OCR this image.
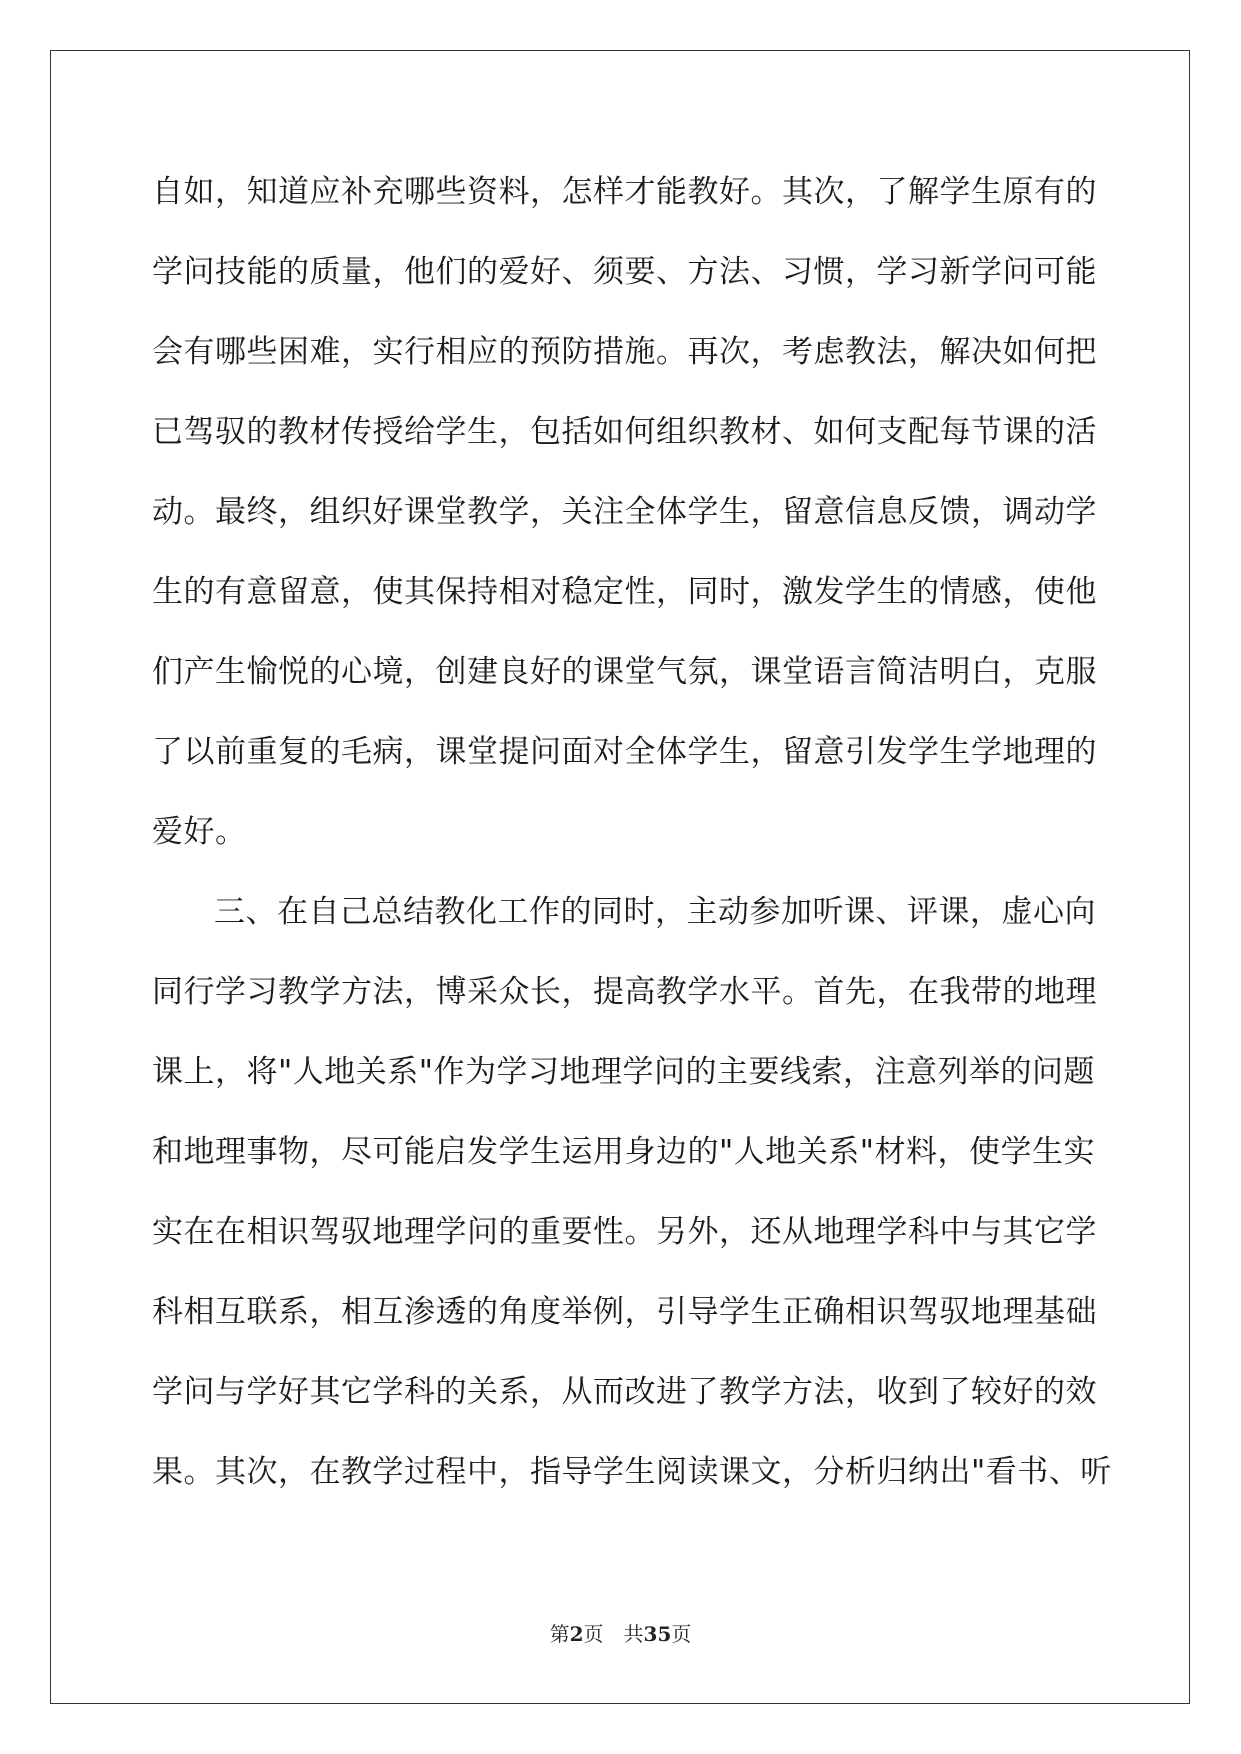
自如，知道应补充哪些资料，怎样才能教好。其次，了解学生原有的
学问技能的质量，他们的爱好、须要、方法、习惯，学习新学问可能
会有哪些困难，实行相应的预防措施。再次，考虑教法，解决如何把
已驾驭的教材传授给学生，包括如何组织教材、如何支配每节课的活
动。最终，组织好课堂教学，关注全体学生，留意信息反馈，调动学
生的有意留意，使其保持相对稳定性，同时，激发学生的情感，使他
们产生愉悦的心境，创建良好的课堂气氛，课堂语言简洁明白，克服
了以前重复的毛病，课堂提问面对全体学生，留意引发学生学地理的
爱好。
三、在自己总结教化工作的同时，主动参加听课、评课，虚心向
同行学习教学方法，博采众长，提高教学水平。首先，在我带的地理
课上，将"人地关系"作为学习地理学问的主要线索，注意列举的问题
和地理事物，尽可能启发学生运用身边的"人地关系"材料，使学生实
实在在相识驾驭地理学问的重要性。另外，还从地理学科中与其它学
科相互联系，相互渗透的角度举例，引导学生正确相识驾驭地理基础
学问与学好其它学科的关系，从而改进了教学方法，收到了较好的效
果。其次，在教学过程中，指导学生阅读课文，分析归纳出"看书、听
第2页 共35页
